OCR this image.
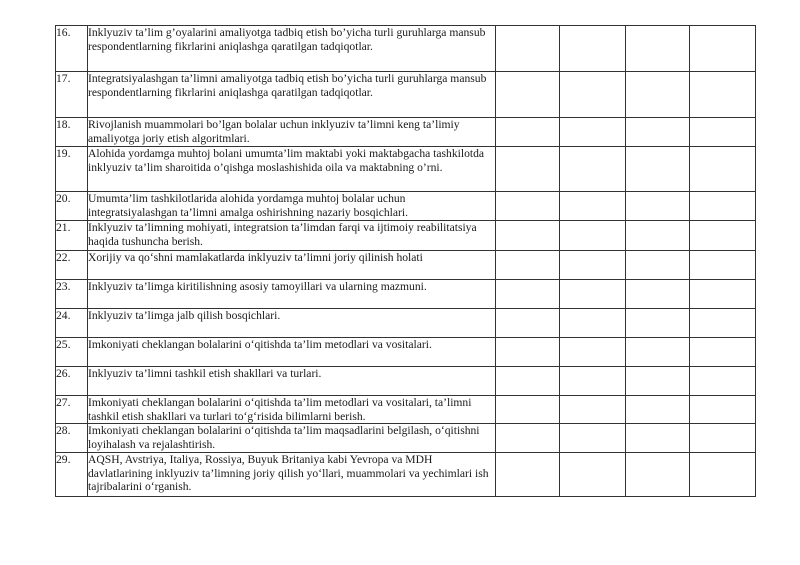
16.	Inklyuziv ta’lim g’oyalarini amaliyotga tadbiq etish bo’yicha turli guruhlarga mansub respondentlarning fikrlarini aniqlashga qaratilgan tadqiqotlar.				
17.	Integratsiyalashgan ta’limni amaliyotga tadbiq etish bo’yicha turli guruhlarga mansub respondentlarning fikrlarini aniqlashga qaratilgan tadqiqotlar.				
18.	Rivojlanish muammolari bo’lgan bolalar uchun inklyuziv ta’limni keng ta’limiy amaliyotga joriy etish algoritmlari.				
19.	Alohida yordamga muhtoj bolani umumta’lim maktabi yoki maktabgacha tashkilotda inklyuziv ta’lim sharoitida o’qishga moslashishida oila va maktabning o’rni.				
20.	Umumta’lim tashkilotlarida alohida yordamga muhtoj bolalar uchun integratsiyalashgan ta’limni amalga oshirishning nazariy bosqichlari.				
21.	Inklyuziv ta’limning mohiyati, integratsion ta’limdan farqi va ijtimoiy reabilitatsiya haqida tushuncha berish.				
22.	Xorijiy va qo‘shni mamlakatlarda inklyuziv ta’limni joriy qilinish holati				
23.	Inklyuziv ta’limga kiritilishning asosiy tamoyillari va ularning mazmuni.				
24.	Inklyuziv ta’limga jalb qilish bosqichlari.				
25.	Imkoniyati cheklangan bolalarini o‘qitishda ta’lim metodlari va vositalari.				
26.	Inklyuziv ta’limni tashkil etish shakllari va turlari.				
27.	Imkoniyati cheklangan bolalarini o‘qitishda ta’lim metodlari va vositalari, ta’limni tashkil etish shakllari va turlari to‘g‘risida bilimlarni berish.				
28.	Imkoniyati cheklangan bolalarini o‘qitishda ta’lim maqsadlarini belgilash, o‘qitishni loyihalash va rejalashtirish.				
29.	AQSH, Avstriya, Italiya, Rossiya, Buyuk Britaniya kabi Yevropa va MDH davlatlarining inklyuziv ta’limning joriy qilish yo‘llari, muammolari va yechimlari ish tajribalarini o‘rganish.				
